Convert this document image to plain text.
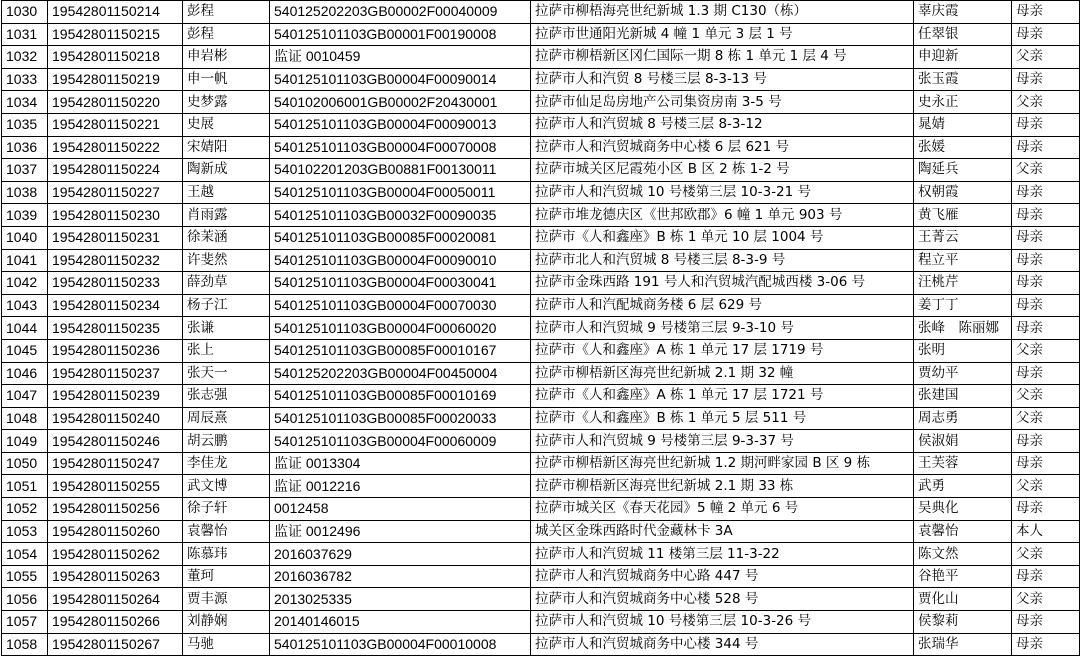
1030	19542801150214	彭程	540125202203GB00002F00040009	拉萨市柳梧海亮世纪新城 1.3 期 C130（栋）	辜庆霞	母亲
1031	19542801150215	彭程	540125101103GB00001F00190008	拉萨市世通阳光新城 4 幢 1 单元 3 层 1 号	任翠银	母亲
1032	19542801150218	申岩彬	监证 0010459	拉萨市柳梧新区冈仁国际一期 8 栋 1 单元 1 层 4 号	申迎新	父亲
1033	19542801150219	申一帆	540125101103GB00004F00090014	拉萨市人和汽贸 8 号楼三层 8-3-13 号	张玉霞	母亲
1034	19542801150220	史梦露	540102006001GB00002F20430001	拉萨市仙足岛房地产公司集资房南 3-5 号	史永正	父亲
1035	19542801150221	史展	540125101103GB00004F00090013	拉萨市人和汽贸城 8 号楼三层 8-3-12	晁婧	母亲
1036	19542801150222	宋婧阳	540125101103GB00004F00070008	拉萨市人和汽贸城商务中心楼 6 层 621 号	张媛	母亲
1037	19542801150224	陶新成	540102201203GB00881F00130011	拉萨市城关区尼霞苑小区 B 区 2 栋 1-2 号	陶延兵	父亲
1038	19542801150227	王越	540125101103GB00004F00050011	拉萨市人和汽贸城 10 号楼第三层 10-3-21 号	权朝霞	母亲
1039	19542801150230	肖雨露	540125101103GB00032F00090035	拉萨市堆龙德庆区《世邦欧郡》6 幢 1 单元 903 号	黄飞雁	母亲
1040	19542801150231	徐茉涵	540125101103GB00085F00020081	拉萨市《人和鑫座》B 栋 1 单元 10 层 1004 号	王菁云	母亲
1041	19542801150232	许斐然	540125101103GB00004F00090010	拉萨市北人和汽贸城 8 号楼三层 8-3-9 号	程立平	母亲
1042	19542801150233	薛劲草	540125101103GB00004F00030041	拉萨市金珠西路 191 号人和汽贸城汽配城西楼 3-06 号	汪桃芹	母亲
1043	19542801150234	杨子江	540125101103GB00004F00070030	拉萨市人和汽配城商务楼 6 层 629 号	姜丁丁	母亲
1044	19542801150235	张谦	540125101103GB00004F00060020	拉萨市人和汽贸城 9 号楼第三层 9-3-10 号	张峰　陈丽娜	母亲
1045	19542801150236	张上	540125101103GB00085F00010167	拉萨市《人和鑫座》A 栋 1 单元 17 层 1719 号	张明	父亲
1046	19542801150237	张天一	540125202203GB00004F00450004	拉萨市柳梧新区海亮世纪新城 2.1 期 32 幢	贾幼平	母亲
1047	19542801150239	张志强	540125101103GB00085F00010169	拉萨市《人和鑫座》A 栋 1 单元 17 层 1721 号	张建国	父亲
1048	19542801150240	周辰熹	540125101103GB00085F00020033	拉萨市《人和鑫座》B 栋 1 单元 5 层 511 号	周志勇	父亲
1049	19542801150246	胡云鹏	540125101103GB00004F00060009	拉萨市人和汽贸城 9 号楼第三层 9-3-37 号	侯淑娟	母亲
1050	19542801150247	李佳龙	监证 0013304	拉萨市柳梧新区海亮世纪新城 1.2 期河畔家园 B 区 9 栋	王芙蓉	母亲
1051	19542801150255	武文博	监证 0012216	拉萨市柳梧新区海亮世纪新城 2.1 期 33 栋	武勇	父亲
1052	19542801150256	徐子轩	0012458	拉萨市城关区《春天花园》5 幢 2 单元 6 号	吴典化	母亲
1053	19542801150260	袁馨怡	监证 0012496	城关区金珠西路时代金藏林卡 3A	袁馨怡	本人
1054	19542801150262	陈慕玮	2016037629	拉萨市人和汽贸城 11 楼第三层 11-3-22	陈文然	父亲
1055	19542801150263	董珂	2016036782	拉萨市人和汽贸城商务中心路 447 号	谷艳平	母亲
1056	19542801150264	贾丰源	2013025335	拉萨市人和汽贸城商务中心楼 528 号	贾化山	父亲
1057	19542801150266	刘静娴	20140146015	拉萨市人和汽贸城 10 号楼第三层 10-3-26 号	侯黎莉	母亲
1058	19542801150267	马驰	540125101103GB00004F00010008	拉萨市人和汽贸城商务中心楼 344 号	张瑞华	母亲
